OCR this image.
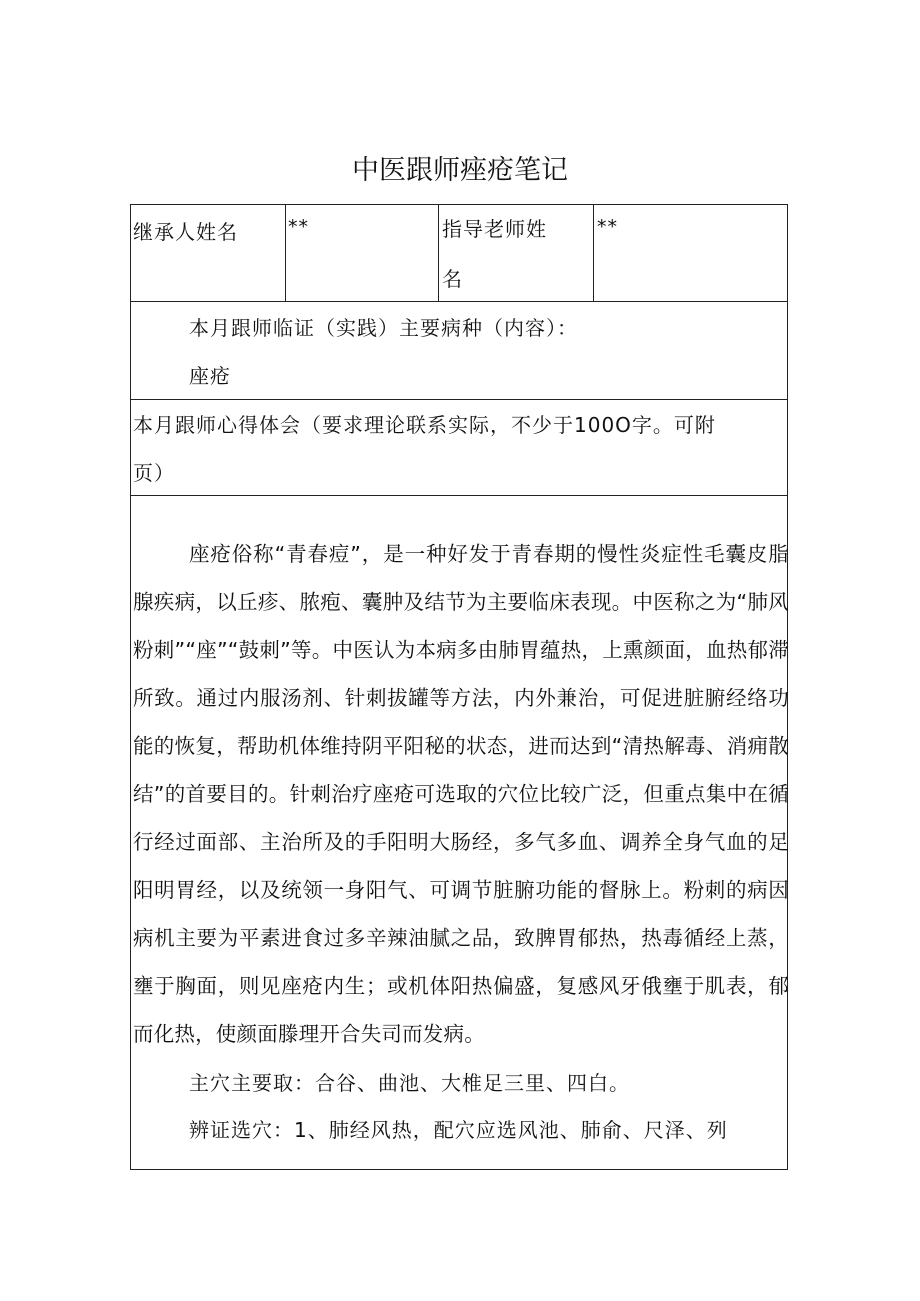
中医跟师痤疮笔记
继承人姓名	**	指导老师姓
名
**
本月跟师临证（实践）主要病种（内容）：
座疮
本月跟师心得体会（要求理论联系实际，不少于100O字。可附
页）
座疮俗称“青春痘”，是一种好发于青春期的慢性炎症性毛囊皮脂腺疾病，以丘疹、脓疱、囊肿及结节为主要临床表现。中医称之为“肺风粉刺”“座”“鼓刺”等。中医认为本病多由肺胃蕴热，上熏颜面，血热郁滞所致。通过内服汤剂、针刺拔罐等方法，内外兼治，可促进脏腑经络功能的恢复，帮助机体维持阴平阳秘的状态，进而达到“清热解毒、消痈散结”的首要目的。针刺治疗座疮可选取的穴位比较广泛，但重点集中在循行经过面部、主治所及的手阳明大肠经，多气多血、调养全身气血的足阳明胃经，以及统领一身阳气、可调节脏腑功能的督脉上。粉刺的病因病机主要为平素进食过多辛辣油腻之品，致脾胃郁热，热毒循经上蒸，壅于胸面，则见座疮内生；或机体阳热偏盛，复感风牙俄壅于肌表，郁而化热，使颜面滕理开合失司而发病。
主穴主要取：合谷、曲池、大椎足三里、四白。
辨证选穴：1、肺经风热，配穴应选风池、肺俞、尺泽、列
